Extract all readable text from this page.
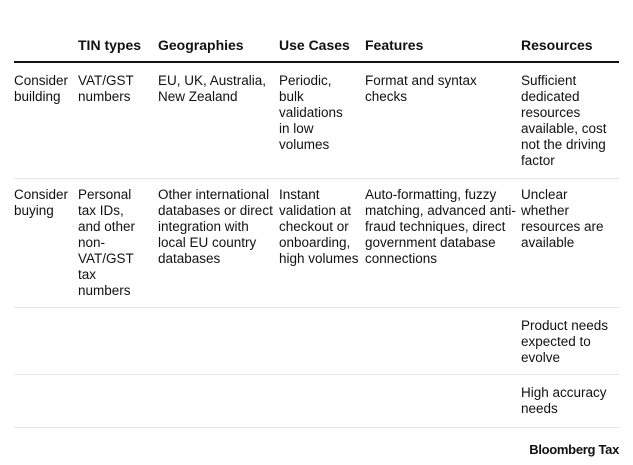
TIN types Geographies	Use Cases Features	Resources
Consider building
VAT/GST numbers
EU, UK, Australia, New Zealand
Periodic, bulk validations in low volumes
Format and syntax checks
Sufficient dedicated resources available, cost not the driving factor
Consider buying
Personal tax IDs, and other non-VAT/GST tax numbers
Other international databases or direct integration with local EU country databases
Instant validation at checkout or onboarding, high volumes
Auto-formatting, fuzzy matching, advanced anti-fraud techniques, direct government database connections
Unclear whether resources are available
Product needs expected to evolve
High accuracy needs
Bloomberg Tax
